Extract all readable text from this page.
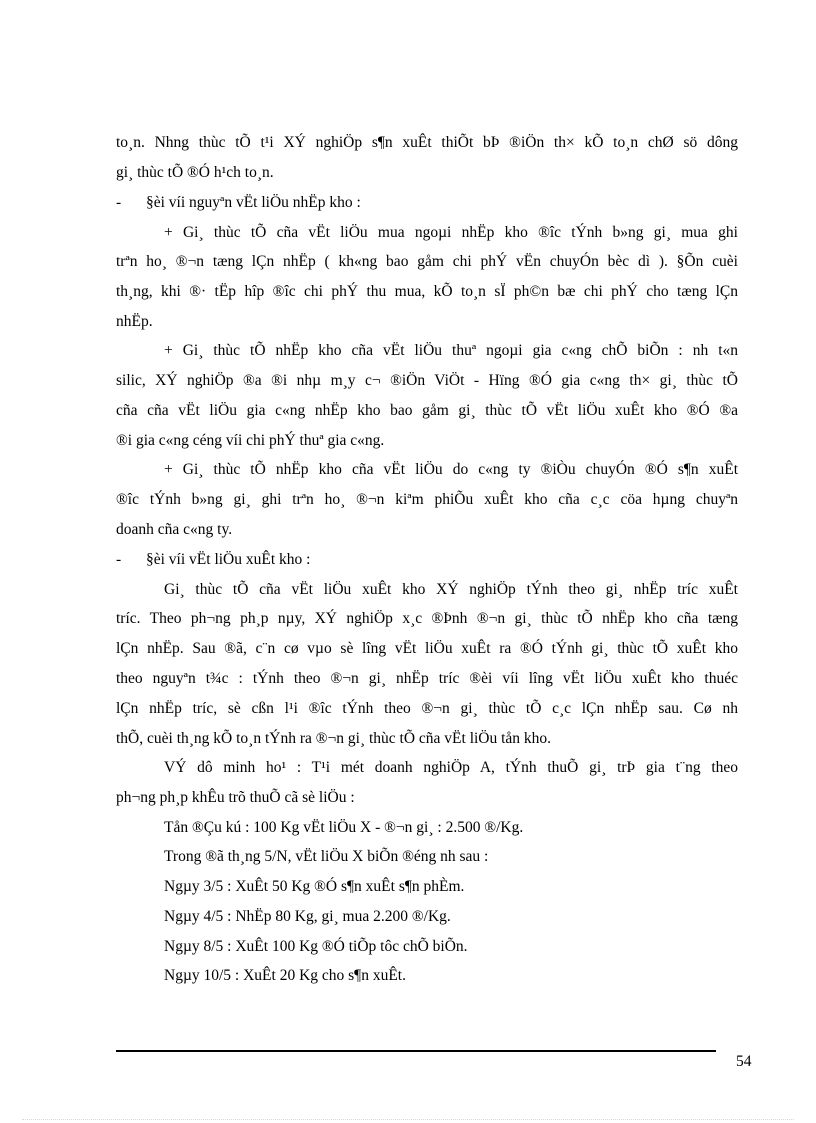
to¸n. Nhng thùc tÕ t¹i XÝ nghiÖp s¶n xuÊt thiÕt bÞ ®iÖn th× kÕ to¸n chØ sö dông
gi¸ thùc tÕ ®Ó h¹ch to¸n.
- §èi víi nguyªn vËt liÖu nhËp kho :
+ Gi¸ thùc tÕ cña vËt liÖu mua ngoµi nhËp kho ®îc tÝnh b»ng gi¸ mua ghi
trªn ho¸ ®¬n tæng lÇn nhËp ( kh«ng bao gåm chi phÝ vËn chuyÓn bèc dì ). §Õn cuèi
th¸ng, khi ®· tËp hîp ®îc chi phÝ thu mua, kÕ to¸n sÏ ph©n bæ chi phÝ cho tæng lÇn
nhËp.
+ Gi¸ thùc tÕ nhËp kho cña vËt liÖu thuª ngoµi gia c«ng chÕ biÕn : nh t«n
silic, XÝ nghiÖp ®a ®i nhµ m¸y c¬ ®iÖn ViÖt - Hïng ®Ó gia c«ng th× gi¸ thùc tÕ
cña cña vËt liÖu gia c«ng nhËp kho bao gåm gi¸ thùc tÕ vËt liÖu xuÊt kho ®Ó ®a
®i gia c«ng céng víi chi phÝ thuª gia c«ng.
+ Gi¸ thùc tÕ nhËp kho cña vËt liÖu do c«ng ty ®iÒu chuyÓn ®Ó s¶n xuÊt
®îc tÝnh b»ng gi¸ ghi trªn ho¸ ®¬n kiªm phiÕu xuÊt kho cña c¸c cöa hµng chuyªn
doanh cña c«ng ty.
- §èi víi vËt liÖu xuÊt kho :
Gi¸ thùc tÕ cña vËt liÖu xuÊt kho XÝ nghiÖp tÝnh theo gi¸ nhËp tríc xuÊt
tríc. Theo ph¬ng ph¸p nµy, XÝ nghiÖp x¸c ®Þnh ®¬n gi¸ thùc tÕ nhËp kho cña tæng
lÇn nhËp. Sau ®ã, c¨n cø vµo sè lîng vËt liÖu xuÊt ra ®Ó tÝnh gi¸ thùc tÕ xuÊt kho
theo nguyªn t¾c : tÝnh theo ®¬n gi¸ nhËp tríc ®èi víi lîng vËt liÖu xuÊt kho thuéc
lÇn nhËp tríc, sè cßn l¹i ®îc tÝnh theo ®¬n gi¸ thùc tÕ c¸c lÇn nhËp sau. Cø nh
thÕ, cuèi th¸ng kÕ to¸n tÝnh ra ®¬n gi¸ thùc tÕ cña vËt liÖu tån kho.
VÝ dô minh ho¹ : T¹i mét doanh nghiÖp A, tÝnh thuÕ gi¸ trÞ gia t¨ng theo
ph¬ng ph¸p khÊu trõ thuÕ cã sè liÖu :
Tån ®Çu kú : 100 Kg vËt liÖu X - ®¬n gi¸ : 2.500 ®/Kg.
Trong ®ã th¸ng 5/N, vËt liÖu X biÕn ®éng nh sau :
Ngµy 3/5 : XuÊt 50 Kg ®Ó s¶n xuÊt s¶n phÈm.
Ngµy 4/5 : NhËp 80 Kg, gi¸ mua 2.200 ®/Kg.
Ngµy 8/5 : XuÊt 100 Kg ®Ó tiÕp tôc chÕ biÕn.
Ngµy 10/5 : XuÊt 20 Kg cho s¶n xuÊt.
54
